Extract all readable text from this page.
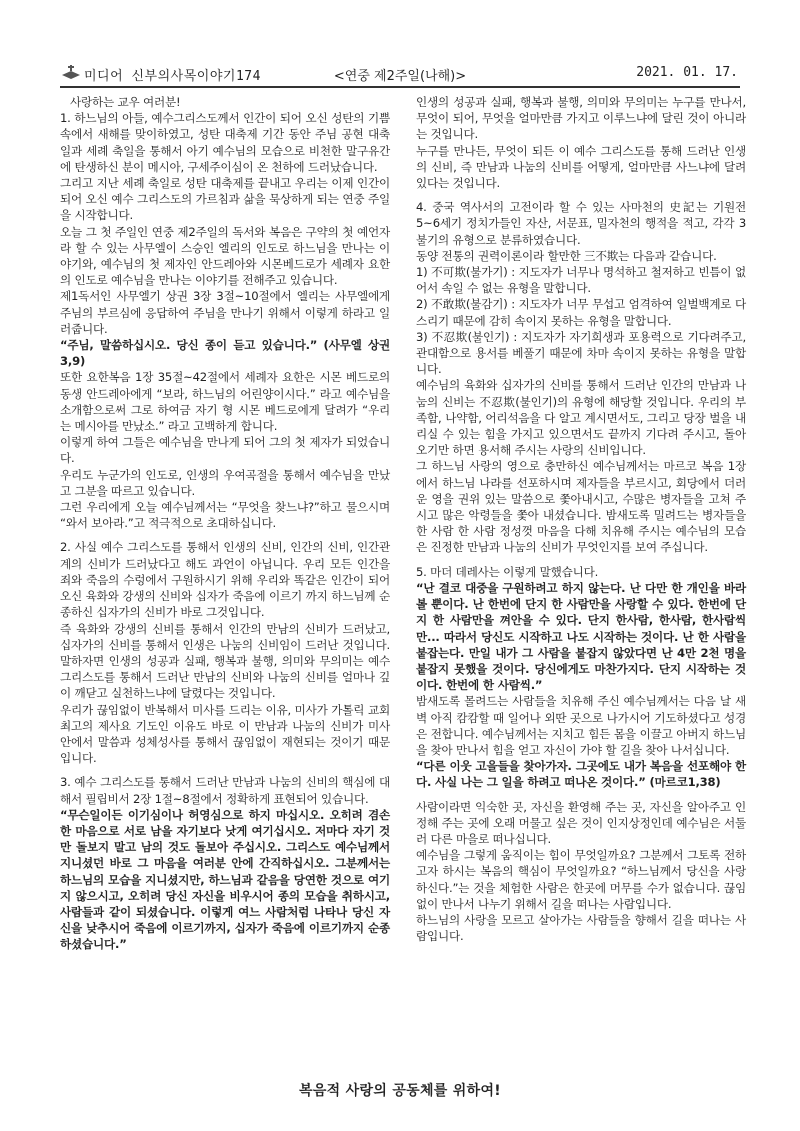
미디어 신부의사목이야기174	<연중 제2주일(나해)>	2021. 01. 17.

사랑하는 교우 여러분!

1. 하느님의 아들, 예수그리스도께서 인간이 되어 오신 성탄의 기쁨 속에서 새해를 맞이하였고, 성탄 대축제 기간 동안 주님 공현 대축일과 세례 축일을 통해서 아기 예수님의 모습으로 비천한 말구유간에 탄생하신 분이 메시아, 구세주이심이 온 천하에 드러났습니다.

그리고 지난 세례 축일로 성탄 대축제를 끝내고 우리는 이제 인간이 되어 오신 예수 그리스도의 가르침과 삶을 묵상하게 되는 연중 주일을 시작합니다.

오늘 그 첫 주일인 연중 제2주일의 독서와 복음은 구약의 첫 예언자라 할 수 있는 사무엘이 스승인 엘리의 인도로 하느님을 만나는 이야기와, 예수님의 첫 제자인 안드레아와 시몬베드로가 세례자 요한의 인도로 예수님을 만나는 이야기를 전해주고 있습니다.

제1독서인 사무엘기 상권 3장 3절~10절에서 엘리는 사무엘에게 주님의 부르심에 응답하여 주님을 만나기 위해서 이렇게 하라고 일러줍니다.

“주님, 말씀하십시오. 당신 종이 듣고 있습니다.” (사무엘 상권 3,9)

또한 요한복음 1장 35절~42절에서 세례자 요한은 시몬 베드로의 동생 안드레아에게 “보라, 하느님의 어린양이시다.” 라고 예수님을 소개함으로써 그로 하여금 자기 형 시몬 베드로에게 달려가 “우리는 메시아를 만났소.” 라고 고백하게 합니다.

이렇게 하여 그들은 예수님을 만나게 되어 그의 첫 제자가 되었습니다.

우리도 누군가의 인도로, 인생의 우여곡절을 통해서 예수님을 만났고 그분을 따르고 있습니다.

그런 우리에게 오늘 예수님께서는 “무엇을 찾느냐?”하고 물으시며 “와서 보아라.”고 적극적으로 초대하십니다.

2. 사실 예수 그리스도를 통해서 인생의 신비, 인간의 신비, 인간관계의 신비가 드러났다고 해도 과언이 아닙니다. 우리 모든 인간을 죄와 죽음의 수렁에서 구원하시기 위해 우리와 똑같은 인간이 되어 오신 육화와 강생의 신비와 십자가 죽음에 이르기 까지 하느님께 순종하신 십자가의 신비가 바로 그것입니다.

즉 육화와 강생의 신비를 통해서 인간의 만남의 신비가 드러났고, 십자가의 신비를 통해서 인생은 나눔의 신비임이 드러난 것입니다. 말하자면 인생의 성공과 실패, 행복과 불행, 의미와 무의미는 예수 그리스도를 통해서 드러난 만남의 신비와 나눔의 신비를 얼마나 깊이 깨닫고 실천하느냐에 달렸다는 것입니다.

우리가 끊임없이 반복해서 미사를 드리는 이유, 미사가 가톨릭 교회 최고의 제사요 기도인 이유도 바로 이 만남과 나눔의 신비가 미사 안에서 말씀과 성체성사를 통해서 끊임없이 재현되는 것이기 때문입니다.

3. 예수 그리스도를 통해서 드러난 만남과 나눔의 신비의 핵심에 대해서 필립비서 2장 1절~8절에서 정확하게 표현되어 있습니다.

“무슨일이든 이기심이나 허영심으로 하지 마십시오. 오히려 겸손한 마음으로 서로 남을 자기보다 낫게 여기십시오. 저마다 자기 것만 돌보지 말고 남의 것도 돌보아 주십시오. 그리스도 예수님께서 지니셨던 바로 그 마음을 여러분 안에 간직하십시오. 그분께서는 하느님의 모습을 지니셨지만, 하느님과 같음을 당연한 것으로 여기지 않으시고, 오히려 당신 자신을 비우시어 종의 모습을 취하시고, 사람들과 같이 되셨습니다. 이렇게 여느 사람처럼 나타나 당신 자신을 낮추시어 죽음에 이르기까지, 십자가 죽음에 이르기까지 순종하셨습니다.”

인생의 성공과 실패, 행복과 불행, 의미와 무의미는 누구를 만나서, 무엇이 되어, 무엇을 얼마만큼 가지고 이루느냐에 달린 것이 아니라는 것입니다.

누구를 만나든, 무엇이 되든 이 예수 그리스도를 통해 드러난 인생의 신비, 즉 만남과 나눔의 신비를 어떻게, 얼마만큼 사느냐에 달려 있다는 것입니다.

4. 중국 역사서의 고전이라 할 수 있는 사마천의 史記는 기원전 5~6세기 정치가들인 자산, 서문표, 밀자천의 행적을 적고, 각각 3불기의 유형으로 분류하였습니다.

동양 전통의 권력이론이라 할만한 三不欺는 다음과 같습니다.

1) 不可欺(불가기) : 지도자가 너무나 명석하고 철저하고 빈틈이 없어서 속일 수 없는 유형을 말합니다.

2) 不敢欺(불감기) : 지도자가 너무 무섭고 엄격하여 일벌백계로 다스리기 때문에 감히 속이지 못하는 유형을 말합니다.

3) 不忍欺(불인기) : 지도자가 자기희생과 포용력으로 기다려주고, 관대함으로 용서를 베풀기 때문에 차마 속이지 못하는 유형을 말합니다.

예수님의 육화와 십자가의 신비를 통해서 드러난 인간의 만남과 나눔의 신비는 不忍欺(불인기)의 유형에 해당할 것입니다. 우리의 부족함, 나약함, 어리석음을 다 알고 계시면서도, 그리고 당장 벌을 내리실 수 있는 힘을 가지고 있으면서도 끝까지 기다려 주시고, 돌아오기만 하면 용서해 주시는 사랑의 신비입니다.

그 하느님 사랑의 영으로 충만하신 예수님께서는 마르코 복음 1장에서 하느님 나라를 선포하시며 제자들을 부르시고, 회당에서 더러운 영을 권위 있는 말씀으로 쫓아내시고, 수많은 병자들을 고쳐 주시고 많은 악령들을 쫓아 내셨습니다. 밤새도록 밀려드는 병자들을 한 사람 한 사람 정성껏 마음을 다해 치유해 주시는 예수님의 모습은 진정한 만남과 나눔의 신비가 무엇인지를 보여 주십니다.

5. 마더 데레사는 이렇게 말했습니다.

“난 결코 대중을 구원하려고 하지 않는다. 난 다만 한 개인을 바라볼 뿐이다. 난 한번에 단지 한 사람만을 사랑할 수 있다. 한번에 단지 한 사람만을 껴안을 수 있다. 단지 한사람, 한사람, 한사람씩만... 따라서 당신도 시작하고 나도 시작하는 것이다. 난 한 사람을 붙잡는다. 만일 내가 그 사람을 붙잡지 않았다면 난 4만 2천 명을 붙잡지 못했을 것이다. 당신에게도 마찬가지다. 단지 시작하는 것이다. 한번에 한 사람씩.”

밤새도록 몰려드는 사람들을 치유해 주신 예수님께서는 다음 날 새벽 아직 캄캄할 때 일어나 외딴 곳으로 나가시어 기도하셨다고 성경은 전합니다. 예수님께서는 지치고 힘든 몸을 이끌고 아버지 하느님을 찾아 만나서 힘을 얻고 자신이 가야 할 길을 찾아 나서십니다.

“다른 이웃 고을들을 찾아가자. 그곳에도 내가 복음을 선포해야 한다. 사실 나는 그 일을 하려고 떠나온 것이다.” (마르코1,38)

사람이라면 익숙한 곳, 자신을 환영해 주는 곳, 자신을 알아주고 인정해 주는 곳에 오래 머물고 싶은 것이 인지상정인데 예수님은 서둘러 다른 마을로 떠나십니다.

예수님을 그렇게 움직이는 힘이 무엇일까요? 그분께서 그토록 전하고자 하시는 복음의 핵심이 무엇일까요? “하느님께서 당신을 사랑하신다.”는 것을 체험한 사람은 한곳에 머무를 수가 없습니다. 끊임없이 만나서 나누기 위해서 길을 떠나는 사람입니다.

하느님의 사랑을 모르고 살아가는 사람들을 향해서 길을 떠나는 사람입니다.

복음적 사랑의 공동체를 위하여!
